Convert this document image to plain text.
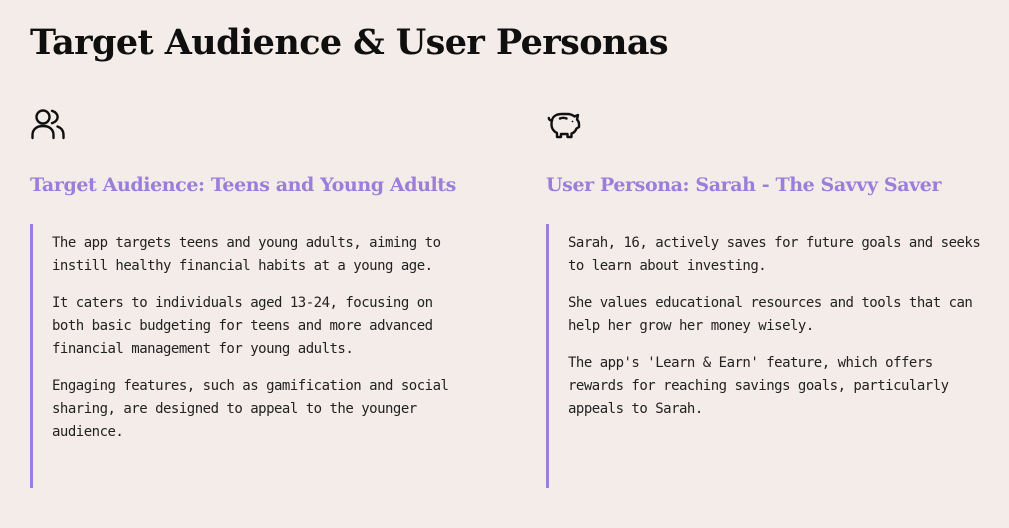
Target Audience & User Personas
Target Audience: Teens and Young Adults

The app targets teens and young adults, aiming to instill healthy financial habits at a young age.

It caters to individuals aged 13-24, focusing on both basic budgeting for teens and more advanced financial management for young adults.

Engaging features, such as gamification and social sharing, are designed to appeal to the younger audience.

User Persona: Sarah - The Savvy Saver

Sarah, 16, actively saves for future goals and seeks to learn about investing.

She values educational resources and tools that can help her grow her money wisely.

The app's 'Learn & Earn' feature, which offers rewards for reaching savings goals, particularly appeals to Sarah.
